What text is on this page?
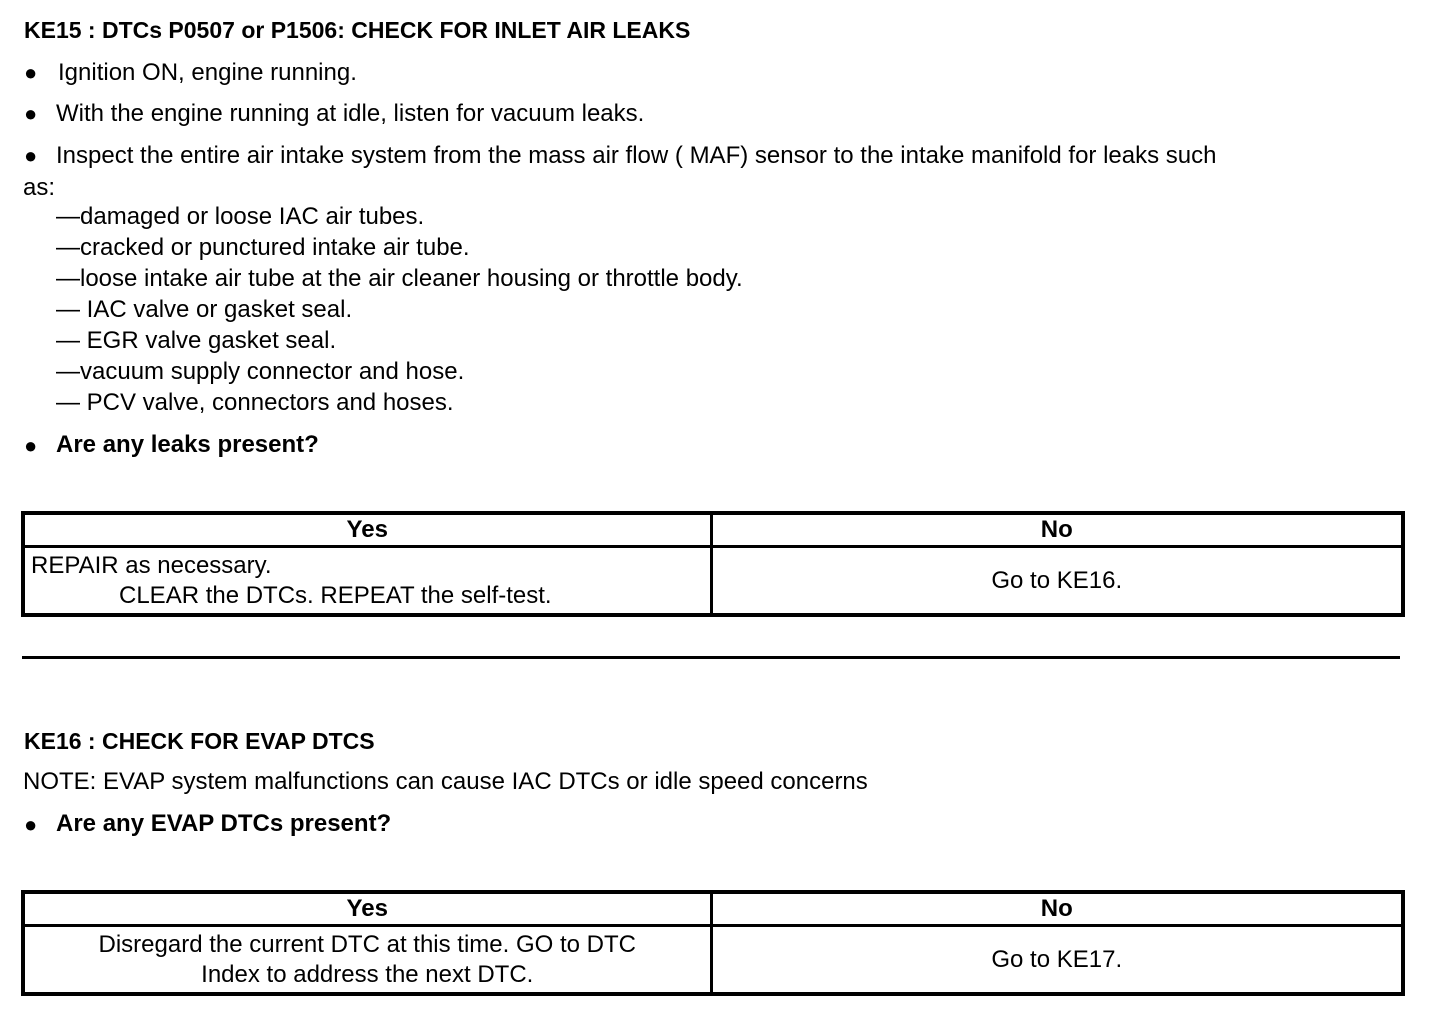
KE15 : DTCs P0507 or P1506: CHECK FOR INLET AIR LEAKS
● Ignition ON, engine running.
● With the engine running at idle, listen for vacuum leaks.
● Inspect the entire air intake system from the mass air flow ( MAF) sensor to the intake manifold for leaks such
as:
—damaged or loose IAC air tubes.
—cracked or punctured intake air tube.
—loose intake air tube at the air cleaner housing or throttle body.
— IAC valve or gasket seal.
— EGR valve gasket seal.
—vacuum supply connector and hose.
— PCV valve, connectors and hoses.
● Are any leaks present?
Yes	No

REPAIR as necessary.
CLEAR the DTCs. REPEAT the self-test.	Go to KE16.
KE16 : CHECK FOR EVAP DTCS
NOTE: EVAP system malfunctions can cause IAC DTCs or idle speed concerns
● Are any EVAP DTCs present?
Yes	No

Disregard the current DTC at this time. GO to DTC
Index to address the next DTC.	Go to KE17.
